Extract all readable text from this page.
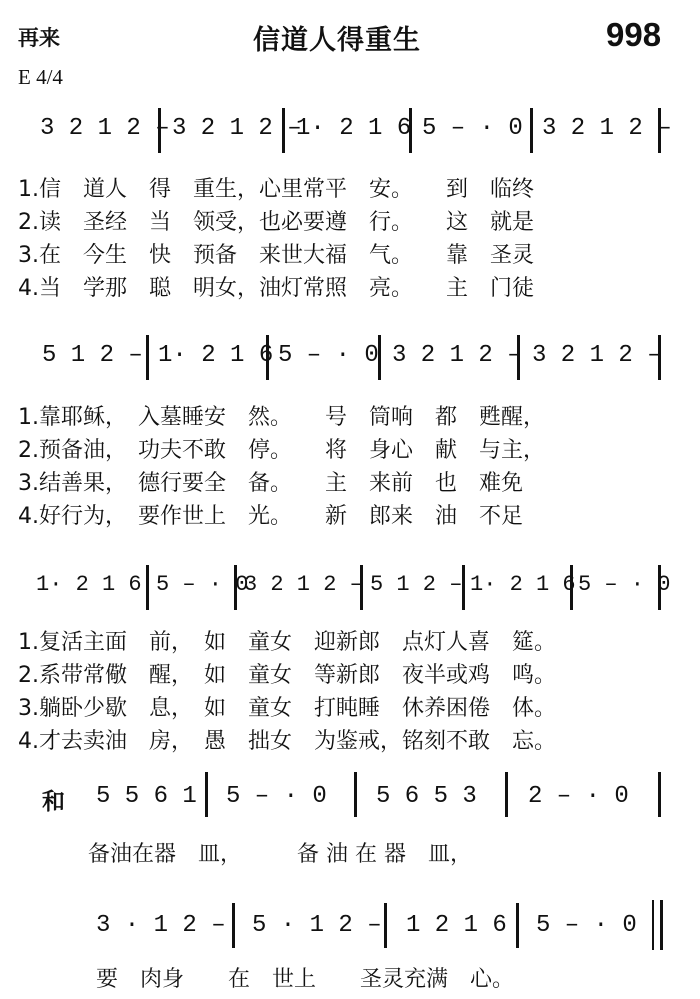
再来	信道人得重生	998
E 4/4
3 2 1 2 – 3 2 1 2 –
1· 2 1 6 5 – · 0 3 2 1 2 –
1.信　道人　得　重生，心里常平　安。　　到　临终
2.读　圣经　当　领受，也必要遵　行。　　这　就是
3.在　今生　快　预备　来世大福　气。　　靠　圣灵
4.当　学那　聪　明女，油灯常照　亮。　　主　门徒
5 1 2 – 1· 2 1 6 5 – · 0 3 2 1 2 – 3 2 1 2 –
1.靠耶稣，　入墓睡安　然。　　号　筒响　都　甦醒，
2.预备油，　功夫不敢　停。　　将　身心　献　与主，
3.结善果，　德行要全　备。　　主　来前　也　难免
4.好行为，　要作世上　光。　　新　郎来　油　不足
1· 2 1 6 5 – · 0
3 2 1 2 – 5 1 2 – 1· 2 1 6 5 – · 0
1.复活主面　前，　如　童女　迎新郎　点灯人喜　筵。
2.系带常儆　醒，　如　童女　等新郎　夜半或鸡　鸣。
3.躺卧少歇　息，　如　童女　打盹睡　休养困倦　体。
4.才去卖油　房，　愚　拙女　为鉴戒，铭刻不敢　忘。
和 5 5 6 1 5 – · 0 5 6 5 3 2 – · 0
备油在器　皿，　　　备 油 在 器　皿，
3 · 1 2 – 5 · 1 2 – 1 2 1 6 5 – · 0
要　肉身　　在　世上　　圣灵充满　心。
